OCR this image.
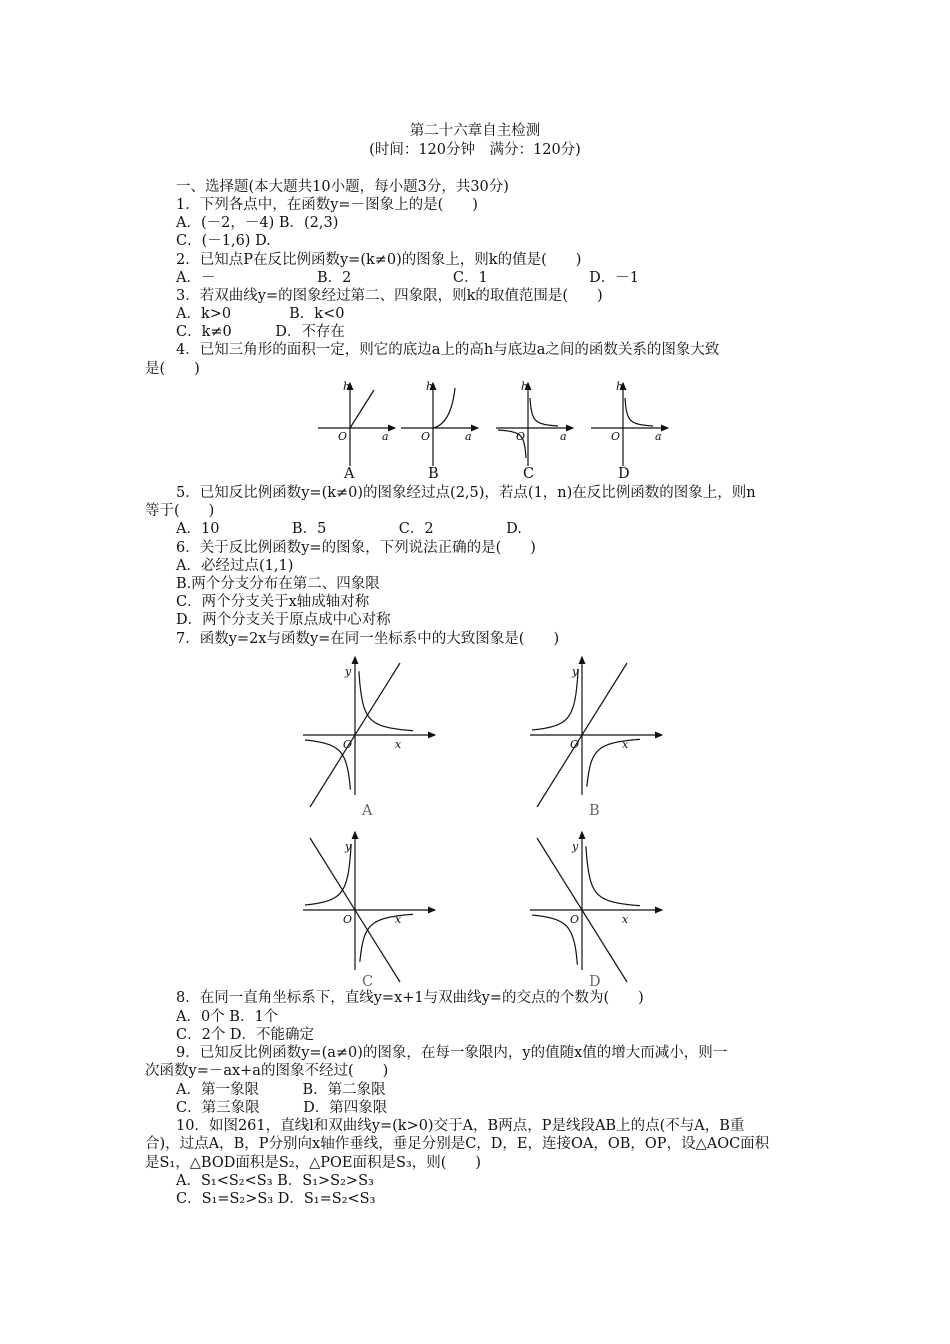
第二十六章自主检测
(时间：120分钟　满分：120分)
一、选择题(本大题共10小题，每小题3分，共30分)
1．下列各点中，在函数y=－图象上的是(　　)
A．(－2，－4) B．(2,3)
C．(－1,6) D.
2．已知点P在反比例函数y=(k≠0)的图象上，则k的值是(　　)
A．－　　　　　　　B．2　　　　　　　C．1　　　　　　　D．－1
3．若双曲线y=的图象经过第二、四象限，则k的取值范围是(　　)
A．k>0　　　　B．k<0
C．k≠0　　　D．不存在
4．已知三角形的面积一定，则它的底边a上的高h与底边a之间的函数关系的图象大致
是(　　)
h
a
O
h
a
O
h
a
O
h
a
O
A	B	C	D
5．已知反比例函数y=(k≠0)的图象经过点(2,5)，若点(1，n)在反比例函数的图象上，则n
等于(　　)
A．10　　　　　B．5　　　　　C．2　　　　　D.
6．关于反比例函数y=的图象，下列说法正确的是(　　)
A．必经过点(1,1)
B.两个分支分布在第二、四象限
C．两个分支关于x轴成轴对称
D．两个分支关于原点成中心对称
7．函数y=2x与函数y=在同一坐标系中的大致图象是(　　)
y
x
O
y
x
O
y
x
O
y
x
O
A	B
C	D
8．在同一直角坐标系下，直线y=x+1与双曲线y=的交点的个数为(　　)
A．0个 B．1个
C．2个 D．不能确定
9．已知反比例函数y=(a≠0)的图象，在每一象限内，y的值随x值的增大而减小，则一
次函数y=－ax+a的图象不经过(　　)
A．第一象限　　　B．第二象限
C．第三象限　　　D．第四象限
10．如图261，直线l和双曲线y=(k>0)交于A，B两点，P是线段AB上的点(不与A，B重
合)，过点A，B，P分别向x轴作垂线，垂足分别是C，D，E，连接OA，OB，OP，设△AOC面积
是S₁，△BOD面积是S₂，△POE面积是S₃，则(　　)
A．S₁<S₂<S₃ B．S₁>S₂>S₃
C．S₁=S₂>S₃ D．S₁=S₂<S₃
